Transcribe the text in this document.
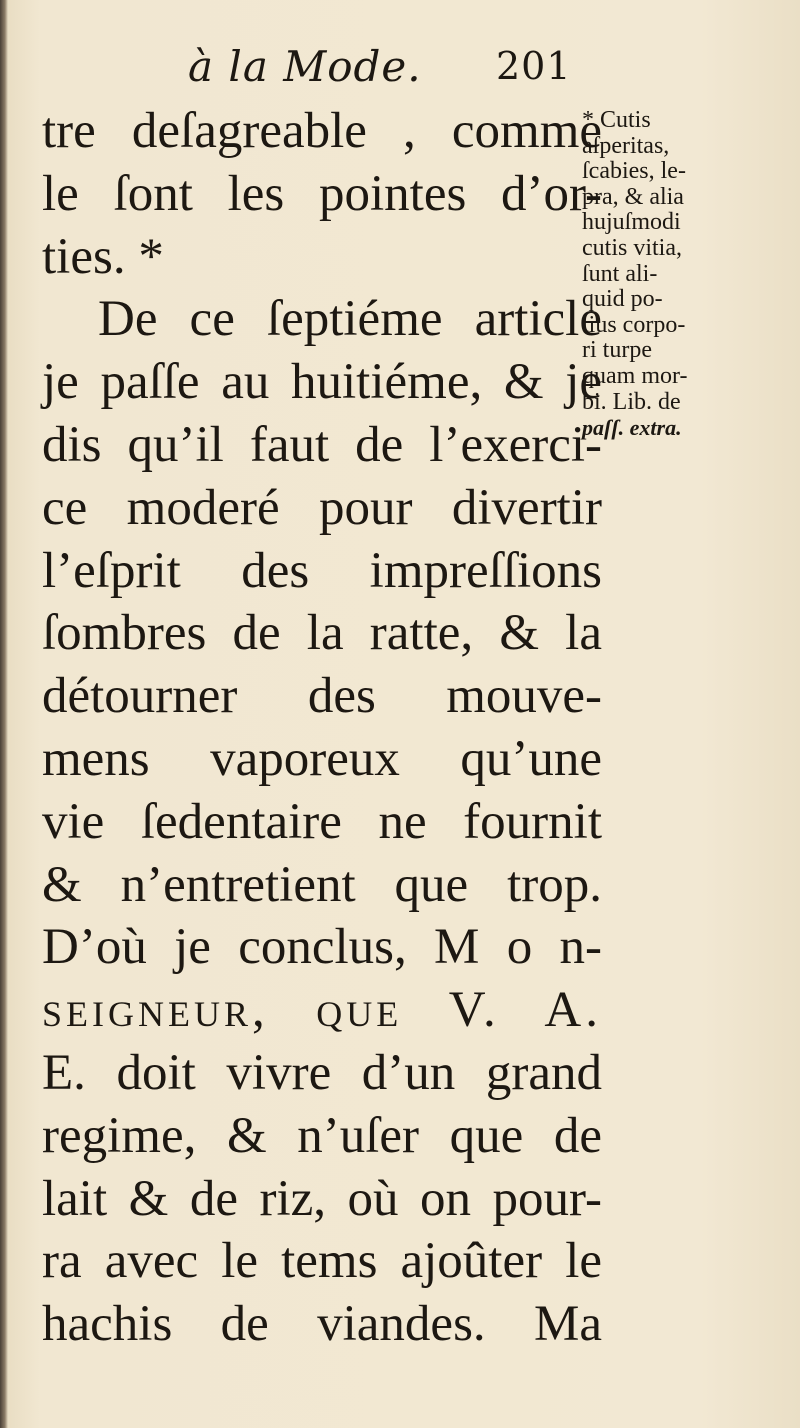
à la Mode. 201
tre deſagreable , comme
le ſont les pointes d’or-
ties. *
De ce ſeptiéme article
je paſſe au huitiéme, & je
dis qu’il faut de l’exerci-
ce moderé pour divertir
l’eſprit des impreſſions
ſombres de la ratte, & la
détourner des mouve-
mens vaporeux qu’une
vie ſedentaire ne fournit
& n’entretient que trop.
D’où je conclus, M o n-
seigneur, que V. A.
E. doit vivre d’un grand
regime, & n’uſer que de
lait & de riz, où on pour-
ra avec le tems ajoûter le
hachis de viandes. Ma
* Cutis
aſperitas,
ſcabies, le-
pra, & alia
hujuſmodi
cutis vitia,
ſunt ali-
quid po-
tius corpo-
ri turpe
quam mor-
bi. Lib. de
paſſ. extra.
